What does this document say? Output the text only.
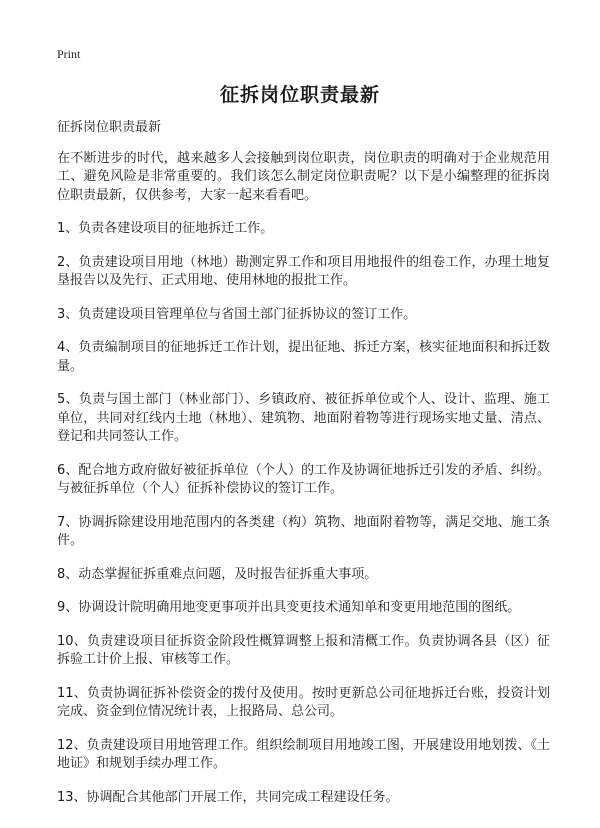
Print
征拆岗位职责最新

征拆岗位职责最新

在不断进步的时代，越来越多人会接触到岗位职责，岗位职责的明确对于企业规范用工、避免风险是非常重要的。我们该怎么制定岗位职责呢？以下是小编整理的征拆岗位职责最新，仅供参考，大家一起来看看吧。

1、负责各建设项目的征地拆迁工作。

2、负责建设项目用地（林地）勘测定界工作和项目用地报件的组卷工作，办理土地复垦报告以及先行、正式用地、使用林地的报批工作。

3、负责建设项目管理单位与省国土部门征拆协议的签订工作。

4、负责编制项目的征地拆迁工作计划，提出征地、拆迁方案，核实征地面积和拆迁数量。

5、负责与国土部门（林业部门）、乡镇政府、被征拆单位或个人、设计、监理、施工单位，共同对红线内土地（林地）、建筑物、地面附着物等进行现场实地丈量、清点、登记和共同签认工作。

6、配合地方政府做好被征拆单位（个人）的工作及协调征地拆迁引发的矛盾、纠纷。与被征拆单位（个人）征拆补偿协议的签订工作。

7、协调拆除建设用地范围内的各类建（构）筑物、地面附着物等，满足交地、施工条件。

8、动态掌握征拆重难点问题，及时报告征拆重大事项。

9、协调设计院明确用地变更事项并出具变更技术通知单和变更用地范围的图纸。

10、负责建设项目征拆资金阶段性概算调整上报和清概工作。负责协调各县（区）征拆验工计价上报、审核等工作。

11、负责协调征拆补偿资金的拨付及使用。按时更新总公司征地拆迁台账，投资计划完成、资金到位情况统计表，上报路局、总公司。

12、负责建设项目用地管理工作。组织绘制项目用地竣工图，开展建设用地划拨、《土地证》和规划手续办理工作。

13、协调配合其他部门开展工作，共同完成工程建设任务。
